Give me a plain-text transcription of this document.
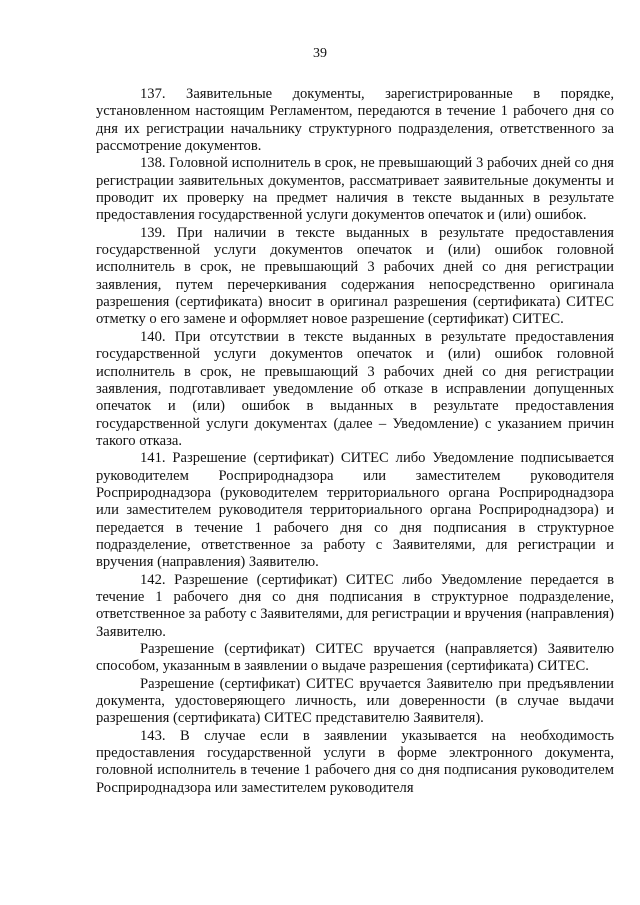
39

137. Заявительные документы, зарегистрированные в порядке, установленном настоящим Регламентом, передаются в течение 1 рабочего дня со дня их регистрации начальнику структурного подразделения, ответственного за рассмотрение документов.

138. Головной исполнитель в срок, не превышающий 3 рабочих дней со дня регистрации заявительных документов, рассматривает заявительные документы и проводит их проверку на предмет наличия в тексте выданных в результате предоставления государственной услуги документов опечаток и (или) ошибок.

139. При наличии в тексте выданных в результате предоставления государственной услуги документов опечаток и (или) ошибок головной исполнитель в срок, не превышающий 3 рабочих дней со дня регистрации заявления, путем перечеркивания содержания непосредственно оригинала разрешения (сертификата) вносит в оригинал разрешения (сертификата) СИТЕС отметку о его замене и оформляет новое разрешение (сертификат) СИТЕС.

140. При отсутствии в тексте выданных в результате предоставления государственной услуги документов опечаток и (или) ошибок головной исполнитель в срок, не превышающий 3 рабочих дней со дня регистрации заявления, подготавливает уведомление об отказе в исправлении допущенных опечаток и (или) ошибок в выданных в результате предоставления государственной услуги документах (далее – Уведомление) с указанием причин такого отказа.

141. Разрешение (сертификат) СИТЕС либо Уведомление подписывается руководителем Росприроднадзора или заместителем руководителя Росприроднадзора (руководителем территориального органа Росприроднадзора или заместителем руководителя территориального органа Росприроднадзора) и передается в течение 1 рабочего дня со дня подписания в структурное подразделение, ответственное за работу с Заявителями, для регистрации и вручения (направления) Заявителю.

142. Разрешение (сертификат) СИТЕС либо Уведомление передается в течение 1 рабочего дня со дня подписания в структурное подразделение, ответственное за работу с Заявителями, для регистрации и вручения (направления) Заявителю.

Разрешение (сертификат) СИТЕС вручается (направляется) Заявителю способом, указанным в заявлении о выдаче разрешения (сертификата) СИТЕС.

Разрешение (сертификат) СИТЕС вручается Заявителю при предъявлении документа, удостоверяющего личность, или доверенности (в случае выдачи разрешения (сертификата) СИТЕС представителю Заявителя).

143. В случае если в заявлении указывается на необходимость предоставления государственной услуги в форме электронного документа, головной исполнитель в течение 1 рабочего дня со дня подписания руководителем Росприроднадзора или заместителем руководителя
